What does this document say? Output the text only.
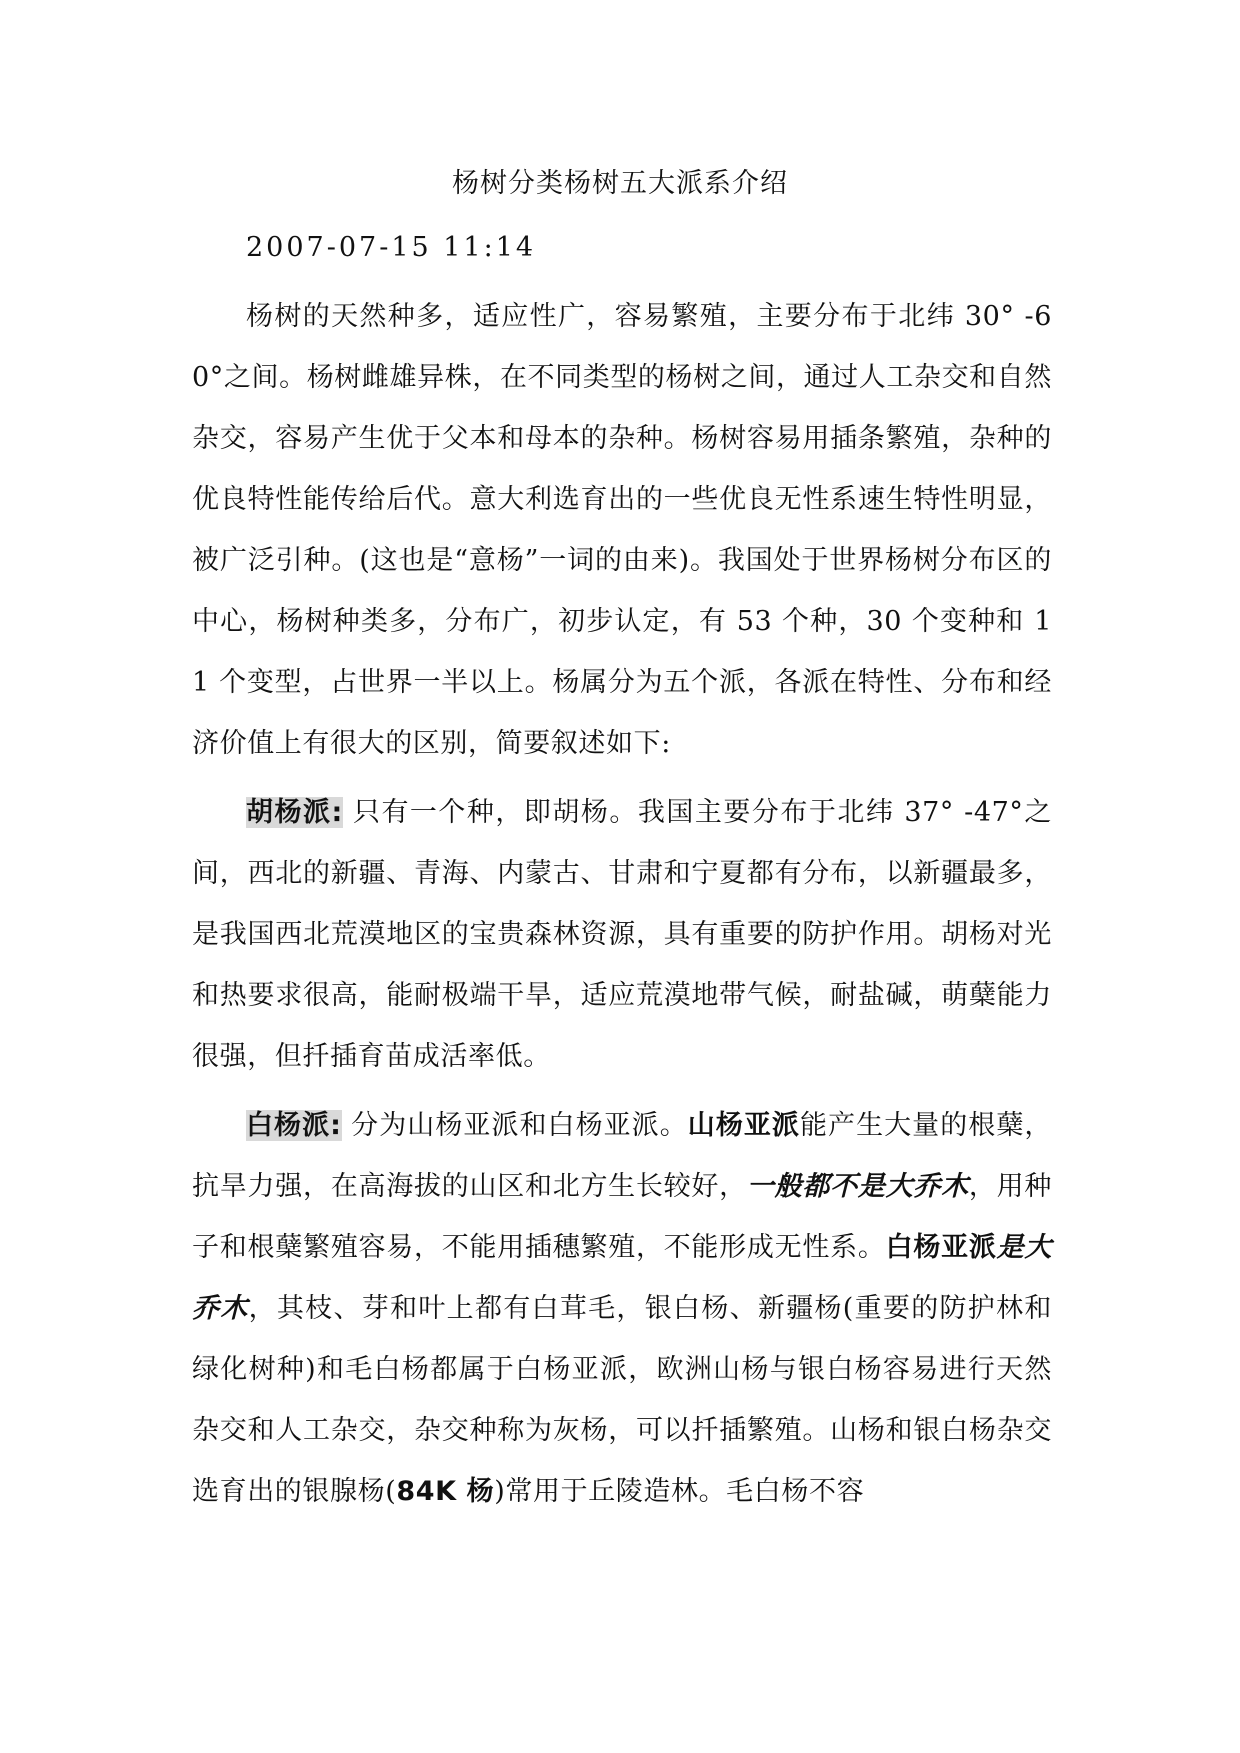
杨树分类杨树五大派系介绍
2007-07-15 11:14

杨树的天然种多，适应性广，容易繁殖，主要分布于北纬 30° -60°之间。杨树雌雄异株，在不同类型的杨树之间，通过人工杂交和自然杂交，容易产生优于父本和母本的杂种。杨树容易用插条繁殖，杂种的优良特性能传给后代。意大利选育出的一些优良无性系速生特性明显，被广泛引种。(这也是“意杨”一词的由来)。我国处于世界杨树分布区的中心，杨树种类多，分布广，初步认定，有 53 个种，30 个变种和 11 个变型，占世界一半以上。杨属分为五个派，各派在特性、分布和经济价值上有很大的区别，简要叙述如下:

胡杨派: 只有一个种，即胡杨。我国主要分布于北纬 37° -47°之间，西北的新疆、青海、内蒙古、甘肃和宁夏都有分布，以新疆最多，是我国西北荒漠地区的宝贵森林资源，具有重要的防护作用。胡杨对光和热要求很高，能耐极端干旱，适应荒漠地带气候，耐盐碱，萌蘖能力很强，但扦插育苗成活率低。

白杨派: 分为山杨亚派和白杨亚派。山杨亚派能产生大量的根蘖，抗旱力强，在高海拔的山区和北方生长较好，一般都不是大乔木，用种子和根蘖繁殖容易，不能用插穗繁殖，不能形成无性系。白杨亚派是大乔木，其枝、芽和叶上都有白茸毛，银白杨、新疆杨(重要的防护林和绿化树种)和毛白杨都属于白杨亚派，欧洲山杨与银白杨容易进行天然杂交和人工杂交，杂交种称为灰杨，可以扦插繁殖。山杨和银白杨杂交选育出的银腺杨(84K 杨)常用于丘陵造林。毛白杨不容
